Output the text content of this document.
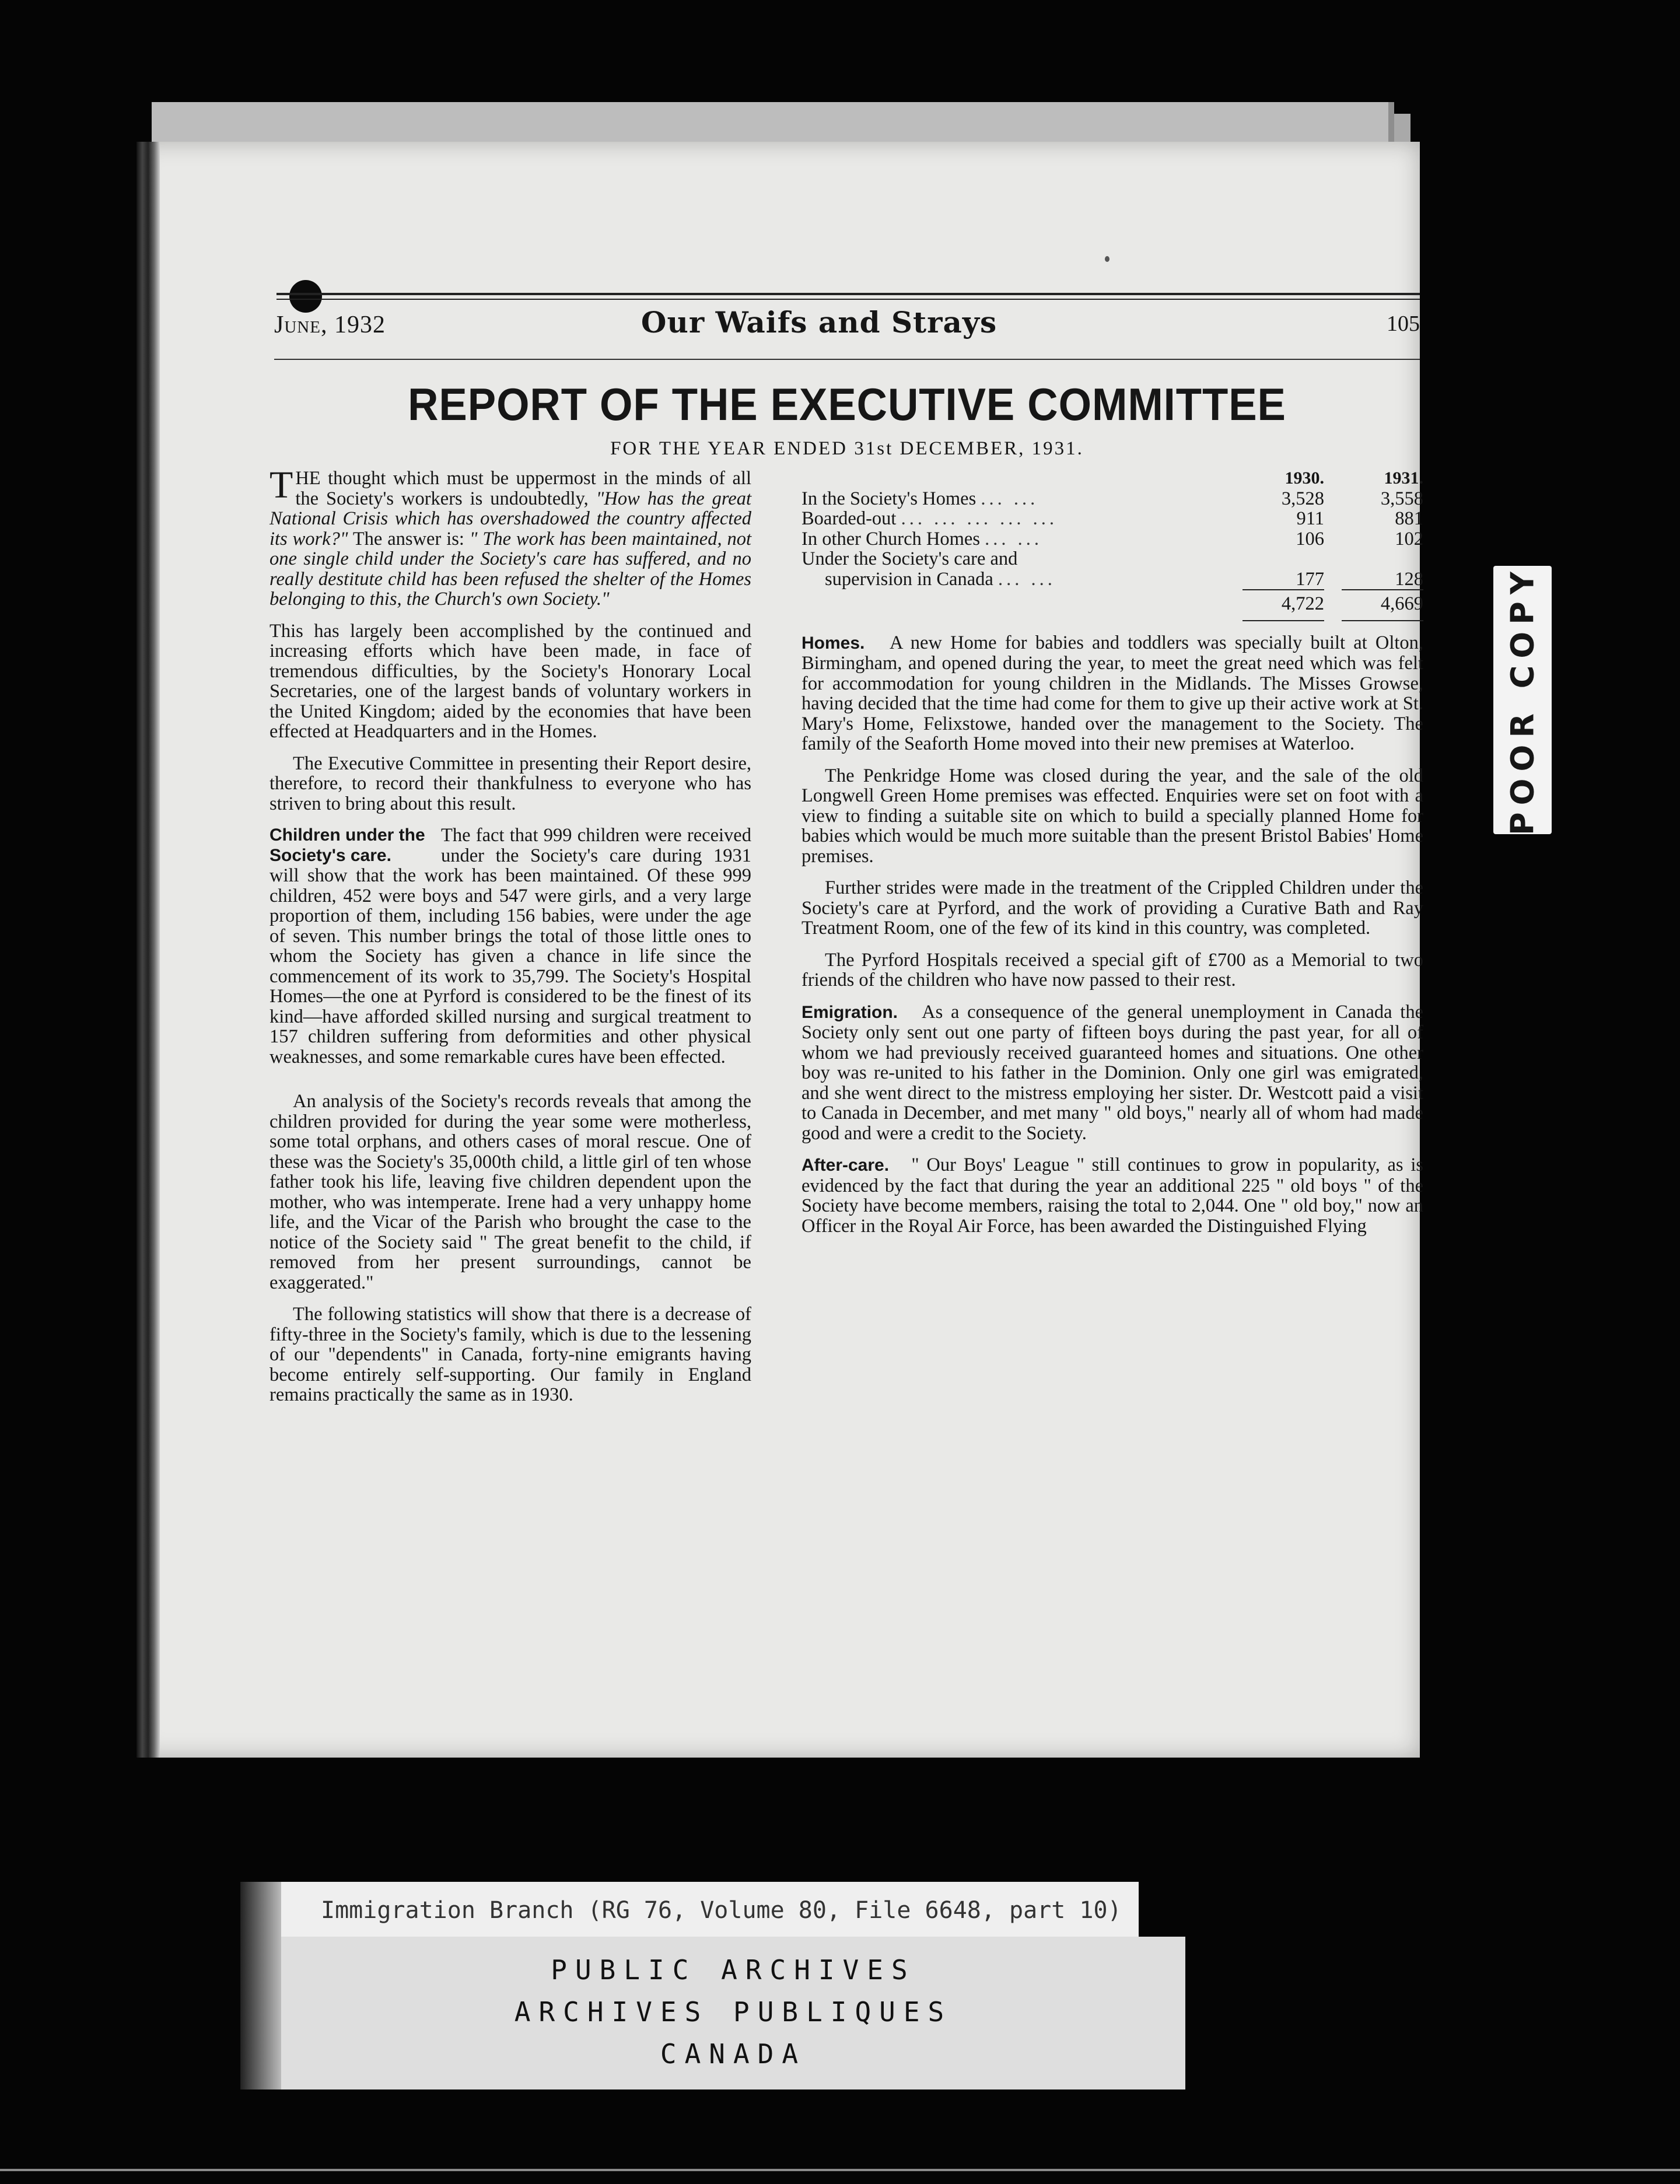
June, 1932	Our Waifs and Strays	105
REPORT OF THE EXECUTIVE COMMITTEE
FOR THE YEAR ENDED 31st DECEMBER, 1931.

THE thought which must be uppermost in the minds of all the Society's workers is undoubtedly, "How has the great National Crisis which has overshadowed the country affected its work?" The answer is: " The work has been maintained, not one single child under the Society's care has suffered, and no really destitute child has been refused the shelter of the Homes belonging to this, the Church's own Society."

This has largely been accomplished by the continued and increasing efforts which have been made, in face of tremendous difficulties, by the Society's Honorary Local Secretaries, one of the largest bands of voluntary workers in the United Kingdom; aided by the economies that have been effected at Headquarters and in the Homes.

The Executive Committee in presenting their Report desire, therefore, to record their thankfulness to everyone who has striven to bring about this result.

Children under the Society's care.
The fact that 999 children were received under the Society's care during 1931 will show that the work has been maintained. Of these 999 children, 452 were boys and 547 were girls, and a very large proportion of them, including 156 babies, were under the age of seven. This number brings the total of those little ones to whom the Society has given a chance in life since the commencement of its work to 35,799. The Society's Hospital Homes—the one at Pyrford is considered to be the finest of its kind—have afforded skilled nursing and surgical treatment to 157 children suffering from deformities and other physical weaknesses, and some remarkable cures have been effected.

An analysis of the Society's records reveals that among the children provided for during the year some were motherless, some total orphans, and others cases of moral rescue. One of these was the Society's 35,000th child, a little girl of ten whose father took his life, leaving five children dependent upon the mother, who was intemperate. Irene had a very unhappy home life, and the Vicar of the Parish who brought the case to the notice of the Society said " The great benefit to the child, if removed from her present surroundings, cannot be exaggerated."

The following statistics will show that there is a decrease of fifty-three in the Society's family, which is due to the lessening of our "dependents" in Canada, forty-nine emigrants having become entirely self-supporting. Our family in England remains practically the same as in 1930.

	1930.	1931.
In the Society's Homes ... ...	3,528	3,558
Boarded-out ... ... ... ... ...	911	881
In other Church Homes ... ...	106	102
Under the Society's care and		
supervision in Canada ... ...	177	128
	4,722	4,669

Homes. A new Home for babies and toddlers was specially built at Olton, Birmingham, and opened during the year, to meet the great need which was felt for accommodation for young children in the Midlands. The Misses Growse, having decided that the time had come for them to give up their active work at St. Mary's Home, Felixstowe, handed over the management to the Society. The family of the Seaforth Home moved into their new premises at Waterloo.

The Penkridge Home was closed during the year, and the sale of the old Longwell Green Home premises was effected. Enquiries were set on foot with a view to finding a suitable site on which to build a specially planned Home for babies which would be much more suitable than the present Bristol Babies' Home premises.

Further strides were made in the treatment of the Crippled Children under the Society's care at Pyrford, and the work of providing a Curative Bath and Ray Treatment Room, one of the few of its kind in this country, was completed.

The Pyrford Hospitals received a special gift of £700 as a Memorial to two friends of the children who have now passed to their rest.

Emigration. As a consequence of the general unemployment in Canada the Society only sent out one party of fifteen boys during the past year, for all of whom we had previously received guaranteed homes and situations. One other boy was re-united to his father in the Dominion. Only one girl was emigrated, and she went direct to the mistress employing her sister. Dr. Westcott paid a visit to Canada in December, and met many " old boys," nearly all of whom had made good and were a credit to the Society.

After-care. " Our Boys' League " still continues to grow in popularity, as is evidenced by the fact that during the year an additional 225 " old boys " of the Society have become members, raising the total to 2,044. One " old boy," now an Officer in the Royal Air Force, has been awarded the Distinguished Flying

POOR COPY
Immigration Branch (RG 76, Volume 80, File 6648, part 10)
PUBLIC ARCHIVES
ARCHIVES PUBLIQUES
CANADA
